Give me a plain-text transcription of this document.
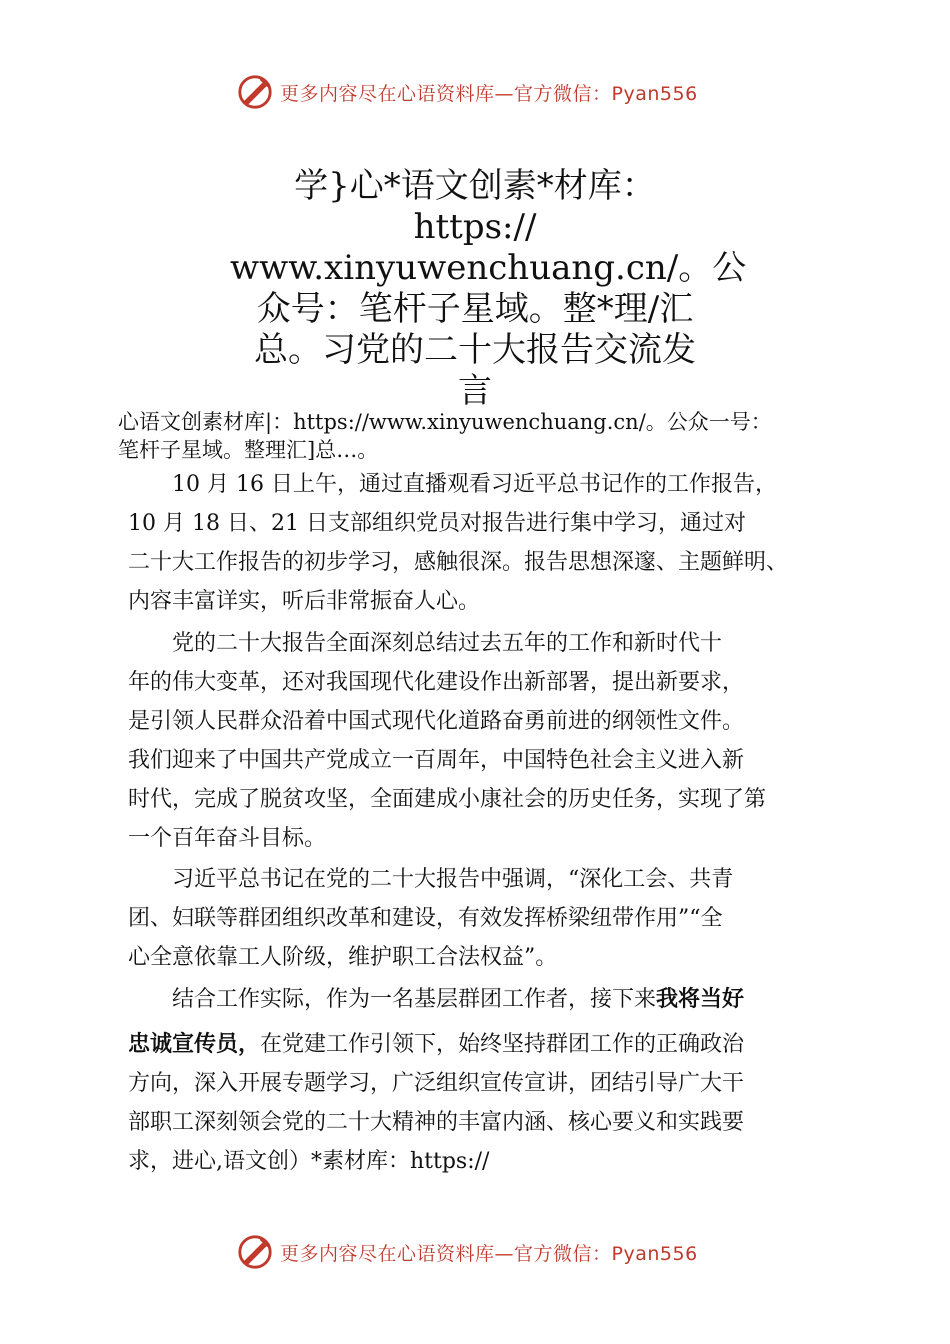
更多内容尽在心语资料库—官方微信：Pyan556
学}心*语文创素*材库：
https://
www.xinyuwenchuang.cn/。公
众号：笔杆子星域。整*理/汇
总。习党的二十大报告交流发
言
心语文创素材库|：https://www.xinyuwenchuang.cn/。公众一号：
笔杆子星域。整理汇]总…。
　　10 月 16 日上午，通过直播观看习近平总书记作的工作报告，
10 月 18 日、21 日支部组织党员对报告进行集中学习，通过对
二十大工作报告的初步学习，感触很深。报告思想深邃、主题鲜明、
内容丰富详实，听后非常振奋人心。
　　党的二十大报告全面深刻总结过去五年的工作和新时代十
年的伟大变革，还对我国现代化建设作出新部署，提出新要求，
是引领人民群众沿着中国式现代化道路奋勇前进的纲领性文件。
我们迎来了中国共产党成立一百周年，中国特色社会主义进入新
时代，完成了脱贫攻坚，全面建成小康社会的历史任务，实现了第
一个百年奋斗目标。
　　习近平总书记在党的二十大报告中强调，“深化工会、共青
团、妇联等群团组织改革和建设，有效发挥桥梁纽带作用”“全
心全意依靠工人阶级，维护职工合法权益”。
　　结合工作实际，作为一名基层群团工作者，接下来我将当好
忠诚宣传员，在党建工作引领下，始终坚持群团工作的正确政治
方向，深入开展专题学习，广泛组织宣传宣讲，团结引导广大干
部职工深刻领会党的二十大精神的丰富内涵、核心要义和实践要
求，进心,语文创）*素材库：https://
更多内容尽在心语资料库—官方微信：Pyan556
